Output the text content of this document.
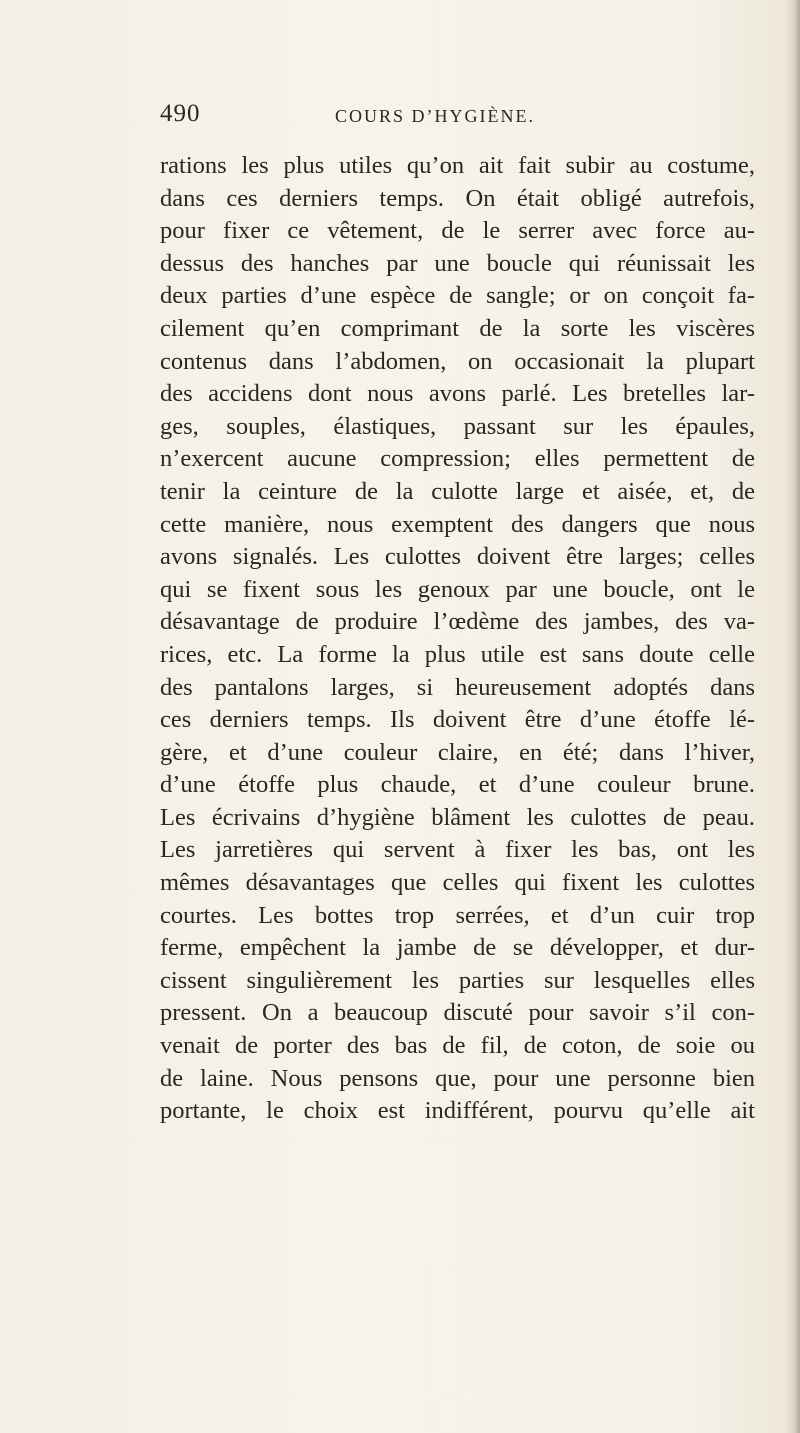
490	COURS D’HYGIÈNE.
rations les plus utiles qu’on ait fait subir au costume,
dans ces derniers temps. On était obligé autrefois,
pour fixer ce vêtement, de le serrer avec force au-
dessus des hanches par une boucle qui réunissait les
deux parties d’une espèce de sangle; or on conçoit fa-
cilement qu’en comprimant de la sorte les viscères
contenus dans l’abdomen, on occasionait la plupart
des accidens dont nous avons parlé. Les bretelles lar-
ges, souples, élastiques, passant sur les épaules,
n’exercent aucune compression; elles permettent de
tenir la ceinture de la culotte large et aisée, et, de
cette manière, nous exemptent des dangers que nous
avons signalés. Les culottes doivent être larges; celles
qui se fixent sous les genoux par une boucle, ont le
désavantage de produire l’œdème des jambes, des va-
rices, etc. La forme la plus utile est sans doute celle
des pantalons larges, si heureusement adoptés dans
ces derniers temps. Ils doivent être d’une étoffe lé-
gère, et d’une couleur claire, en été; dans l’hiver,
d’une étoffe plus chaude, et d’une couleur brune.
Les écrivains d’hygiène blâment les culottes de peau.
Les jarretières qui servent à fixer les bas, ont les
mêmes désavantages que celles qui fixent les culottes
courtes. Les bottes trop serrées, et d’un cuir trop
ferme, empêchent la jambe de se développer, et dur-
cissent singulièrement les parties sur lesquelles elles
pressent. On a beaucoup discuté pour savoir s’il con-
venait de porter des bas de fil, de coton, de soie ou
de laine. Nous pensons que, pour une personne bien
portante, le choix est indifférent, pourvu qu’elle ait
